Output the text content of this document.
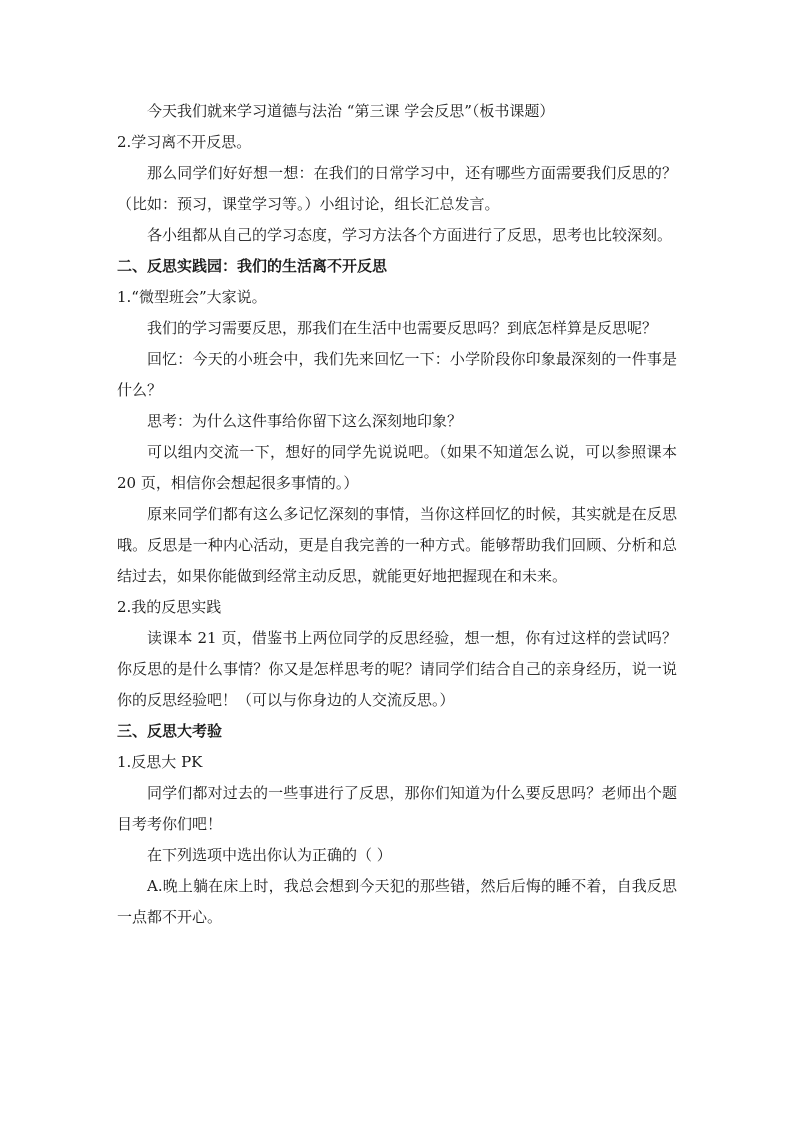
今天我们就来学习道德与法治 “第三课 学会反思”（板书课题）

2.学习离不开反思。

那么同学们好好想一想：在我们的日常学习中，还有哪些方面需要我们反思的？（比如：预习，课堂学习等。）小组讨论，组长汇总发言。

各小组都从自己的学习态度，学习方法各个方面进行了反思，思考也比较深刻。

二、反思实践园：我们的生活离不开反思

1.“微型班会”大家说。

我们的学习需要反思，那我们在生活中也需要反思吗？到底怎样算是反思呢？

回忆：今天的小班会中，我们先来回忆一下：小学阶段你印象最深刻的一件事是什么？

思考：为什么这件事给你留下这么深刻地印象？

可以组内交流一下，想好的同学先说说吧。（如果不知道怎么说，可以参照课本 20 页，相信你会想起很多事情的。）

原来同学们都有这么多记忆深刻的事情，当你这样回忆的时候，其实就是在反思哦。反思是一种内心活动，更是自我完善的一种方式。能够帮助我们回顾、分析和总结过去，如果你能做到经常主动反思，就能更好地把握现在和未来。

2.我的反思实践

读课本 21 页，借鉴书上两位同学的反思经验，想一想，你有过这样的尝试吗？你反思的是什么事情？你又是怎样思考的呢？请同学们结合自己的亲身经历，说一说你的反思经验吧！（可以与你身边的人交流反思。）

三、反思大考验

1.反思大 PK

同学们都对过去的一些事进行了反思，那你们知道为什么要反思吗？老师出个题目考考你们吧！

在下列选项中选出你认为正确的（ ）

A.晚上躺在床上时，我总会想到今天犯的那些错，然后后悔的睡不着，自我反思一点都不开心。
